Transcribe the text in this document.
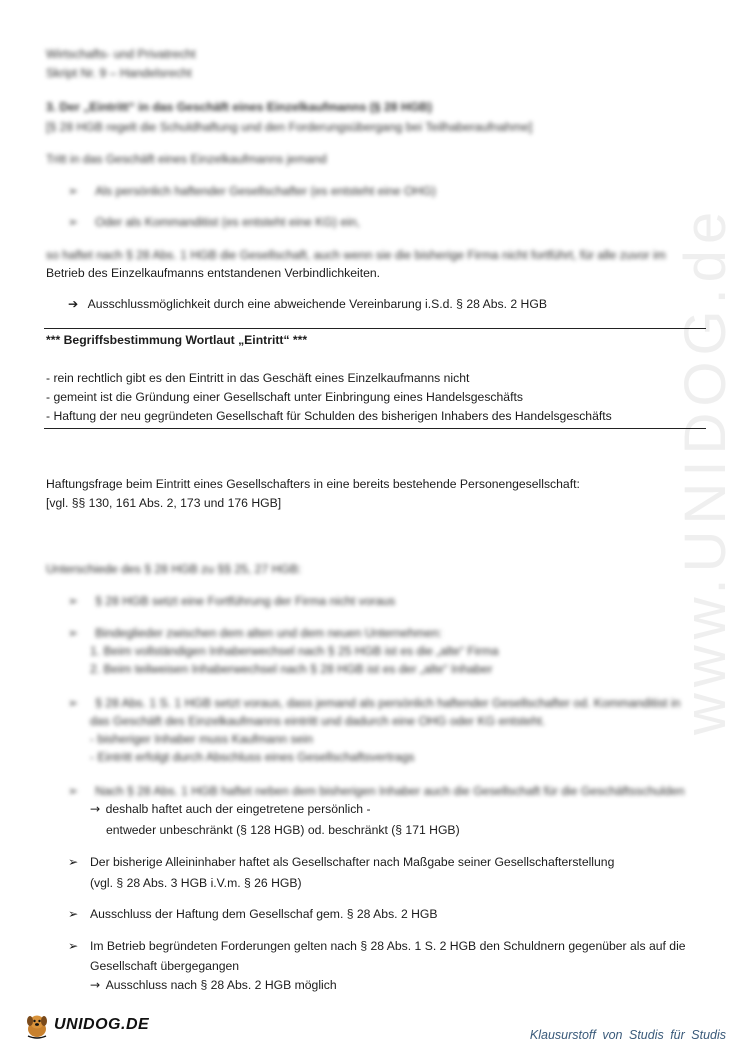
www.UNIDOG.de
Wirtschafts- und Privatrecht
Skript Nr. 9 – Handelsrecht
3. Der „Eintritt“ in das Geschäft eines Einzelkaufmanns (§ 28 HGB)
[§ 28 HGB regelt die Schuldhaftung und den Forderungsübergang bei Teilhaberaufnahme]
Tritt in das Geschäft eines Einzelkaufmanns jemand
➢     Als persönlich haftender Gesellschafter (es entsteht eine OHG)
➢     Oder als Kommanditist (es entsteht eine KG) ein,
so haftet nach § 28 Abs. 1 HGB die Gesellschaft, auch wenn sie die bisherige Firma nicht fortführt, für alle zuvor im
Betrieb des Einzelkaufmanns entstandenen Verbindlichkeiten.
➔ Ausschlussmöglichkeit durch eine abweichende Vereinbarung i.S.d. § 28 Abs. 2 HGB
*** Begriffsbestimmung Wortlaut „Eintritt“ ***
- rein rechtlich gibt es den Eintritt in das Geschäft eines Einzelkaufmanns nicht
- gemeint ist die Gründung einer Gesellschaft unter Einbringung eines Handelsgeschäfts
- Haftung der neu gegründeten Gesellschaft für Schulden des bisherigen Inhabers des Handelsgeschäfts
Haftungsfrage beim Eintritt eines Gesellschafters in eine bereits bestehende Personengesellschaft:
[vgl. §§ 130, 161 Abs. 2, 173 und 176 HGB]
Unterschiede des § 28 HGB zu §§ 25, 27 HGB:
➢     § 28 HGB setzt eine Fortführung der Firma nicht voraus
➢     Bindeglieder zwischen dem alten und dem neuen Unternehmen:
1. Beim vollständigen Inhaberwechsel nach § 25 HGB ist es die „alte“ Firma
2. Beim teilweisen Inhaberwechsel nach § 28 HGB ist es der „alte“ Inhaber
➢     § 28 Abs. 1 S. 1 HGB setzt voraus, dass jemand als persönlich haftender Gesellschafter od. Kommanditist in
das Geschäft des Einzelkaufmanns eintritt und dadurch eine OHG oder KG entsteht.
- bisheriger Inhaber muss Kaufmann sein
- Eintritt erfolgt durch Abschluss eines Gesellschaftsvertrags
➢     Nach § 28 Abs. 1 HGB haftet neben dem bisherigen Inhaber auch die Gesellschaft für die Geschäftsschulden
→ deshalb haftet auch der eingetretene persönlich -
entweder unbeschränkt (§ 128 HGB) od. beschränkt (§ 171 HGB)
➢ Der bisherige Alleininhaber haftet als Gesellschafter nach Maßgabe seiner Gesellschafterstellung
(vgl. § 28 Abs. 3 HGB i.V.m. § 26 HGB)
➢ Ausschluss der Haftung dem Gesellschaf gem. § 28 Abs. 2 HGB
➢ Im Betrieb begründeten Forderungen gelten nach § 28 Abs. 1 S. 2 HGB den Schuldnern gegenüber als auf die
Gesellschaft übergegangen
→ Ausschluss nach § 28 Abs. 2 HGB möglich
UNIDOG.DE
Klausurstoff von Studis für Studis
